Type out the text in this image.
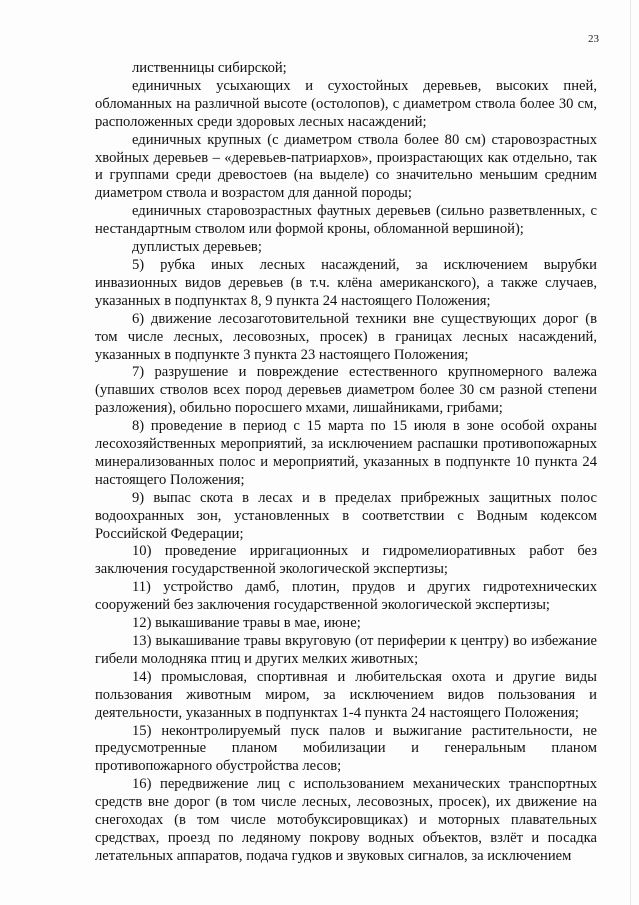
23

лиственницы сибирской;

единичных усыхающих и сухостойных деревьев, высоких пней, обломанных на различной высоте (остолопов), с диаметром ствола более 30 см, расположенных среди здоровых лесных насаждений;

единичных крупных (с диаметром ствола более 80 см) старовозрастных хвойных деревьев – «деревьев-патриархов», произрастающих как отдельно, так и группами среди древостоев (на выделе) со значительно меньшим средним диаметром ствола и возрастом для данной породы;

единичных старовозрастных фаутных деревьев (сильно разветвленных, с нестандартным стволом или формой кроны, обломанной вершиной);

дуплистых деревьев;

5) рубка иных лесных насаждений, за исключением вырубки инвазионных видов деревьев (в т.ч. клёна американского), а также случаев, указанных в подпунктах 8, 9 пункта 24 настоящего Положения;

6) движение лесозаготовительной техники вне существующих дорог (в том числе лесных, лесовозных, просек) в границах лесных насаждений, указанных в подпункте 3 пункта 23 настоящего Положения;

7) разрушение и повреждение естественного крупномерного валежа (упавших стволов всех пород деревьев диаметром более 30 см разной степени разложения), обильно поросшего мхами, лишайниками, грибами;

8) проведение в период с 15 марта по 15 июля в зоне особой охраны лесохозяйственных мероприятий, за исключением распашки противопожарных минерализованных полос и мероприятий, указанных в подпункте 10 пункта 24 настоящего Положения;

9) выпас скота в лесах и в пределах прибрежных защитных полос водоохранных зон, установленных в соответствии с Водным кодексом Российской Федерации;

10) проведение ирригационных и гидромелиоративных работ без заключения государственной экологической экспертизы;

11) устройство дамб, плотин, прудов и других гидротехнических сооружений без заключения государственной экологической экспертизы;

12) выкашивание травы в мае, июне;

13) выкашивание травы вкруговую (от периферии к центру) во избежание гибели молодняка птиц и других мелких животных;

14) промысловая, спортивная и любительская охота и другие виды пользования животным миром, за исключением видов пользования и деятельности, указанных в подпунктах 1-4 пункта 24 настоящего Положения;

15) неконтролируемый пуск палов и выжигание растительности, не предусмотренные планом мобилизации и генеральным планом противопожарного обустройства лесов;

16) передвижение лиц с использованием механических транспортных средств вне дорог (в том числе лесных, лесовозных, просек), их движение на снегоходах (в том числе мотобуксировщиках) и моторных плавательных средствах, проезд по ледяному покрову водных объектов, взлёт и посадка летательных аппаратов, подача гудков и звуковых сигналов, за исключением
